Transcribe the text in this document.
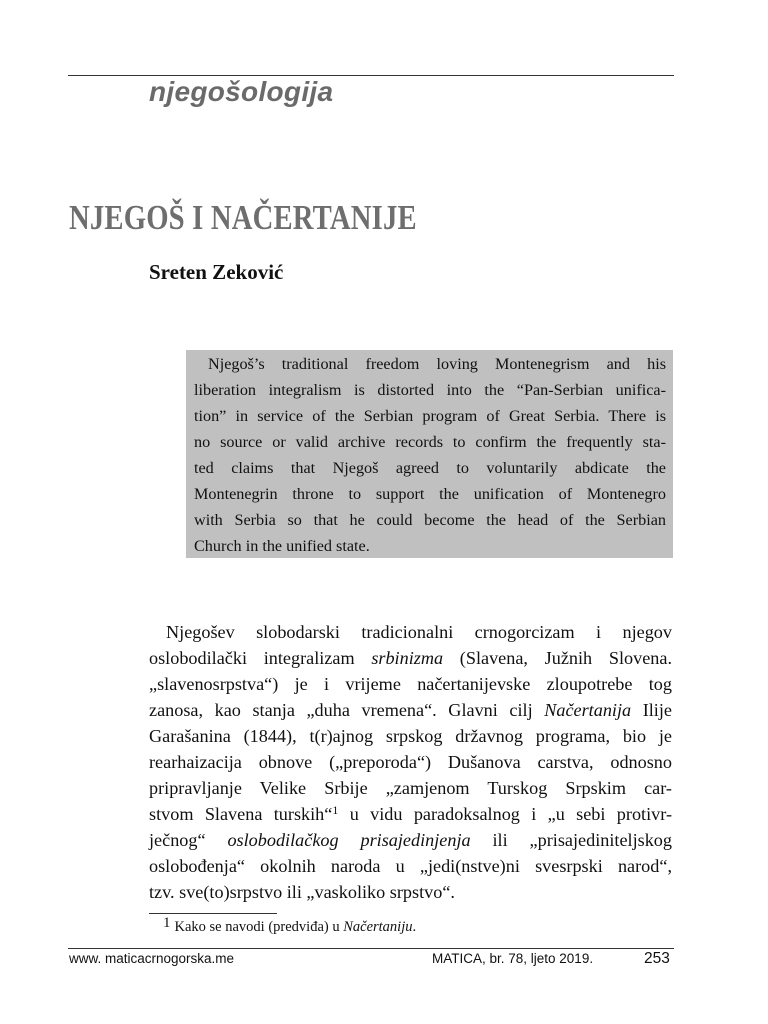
njegošologija
NJEGOŠ I NAČERTANIJE
Sreten Zeković
Njegoš’s traditional freedom loving Montenegrism and his
liberation integralism is distorted into the “Pan-Serbian unifica-
tion” in service of the Serbian program of Great Serbia. There is
no source or valid archive records to confirm the frequently sta-
ted claims that Njegoš agreed to voluntarily abdicate the
Montenegrin throne to support the unification of Montenegro
with Serbia so that he could become the head of the Serbian
Church in the unified state.
Njegošev slobodarski tradicionalni crnogorcizam i njegov
oslobodilački integralizam srbinizma (Slavena, Južnih Slovena.
„slavenosrpstva“) je i vrijeme načertanijevske zloupotrebe tog
zanosa, kao stanja „duha vremena“. Glavni cilj Načertanija Ilije
Garašanina (1844), t(r)ajnog srpskog državnog programa, bio je
rearhaizacija obnove („preporoda“) Dušanova carstva, odnosno
pripravljanje Velike Srbije „zamjenom Turskog Srpskim car-
stvom Slavena turskih“$^1$ u vidu paradoksalnog i „u sebi protivr-
ječnog“ oslobodilačkog prisajedinjenja ili „prisajediniteljskog
oslobođenja“ okolnih naroda u „jedi(nstve)ni svesrpski narod“,
tzv. sve(to)srpstvo ili „vaskoliko srpstvo“.
1 Kako se navodi (predviđa) u Načertaniju.
www. maticacrnogorska.me	MATICA, br. 78, ljeto 2019.	253
